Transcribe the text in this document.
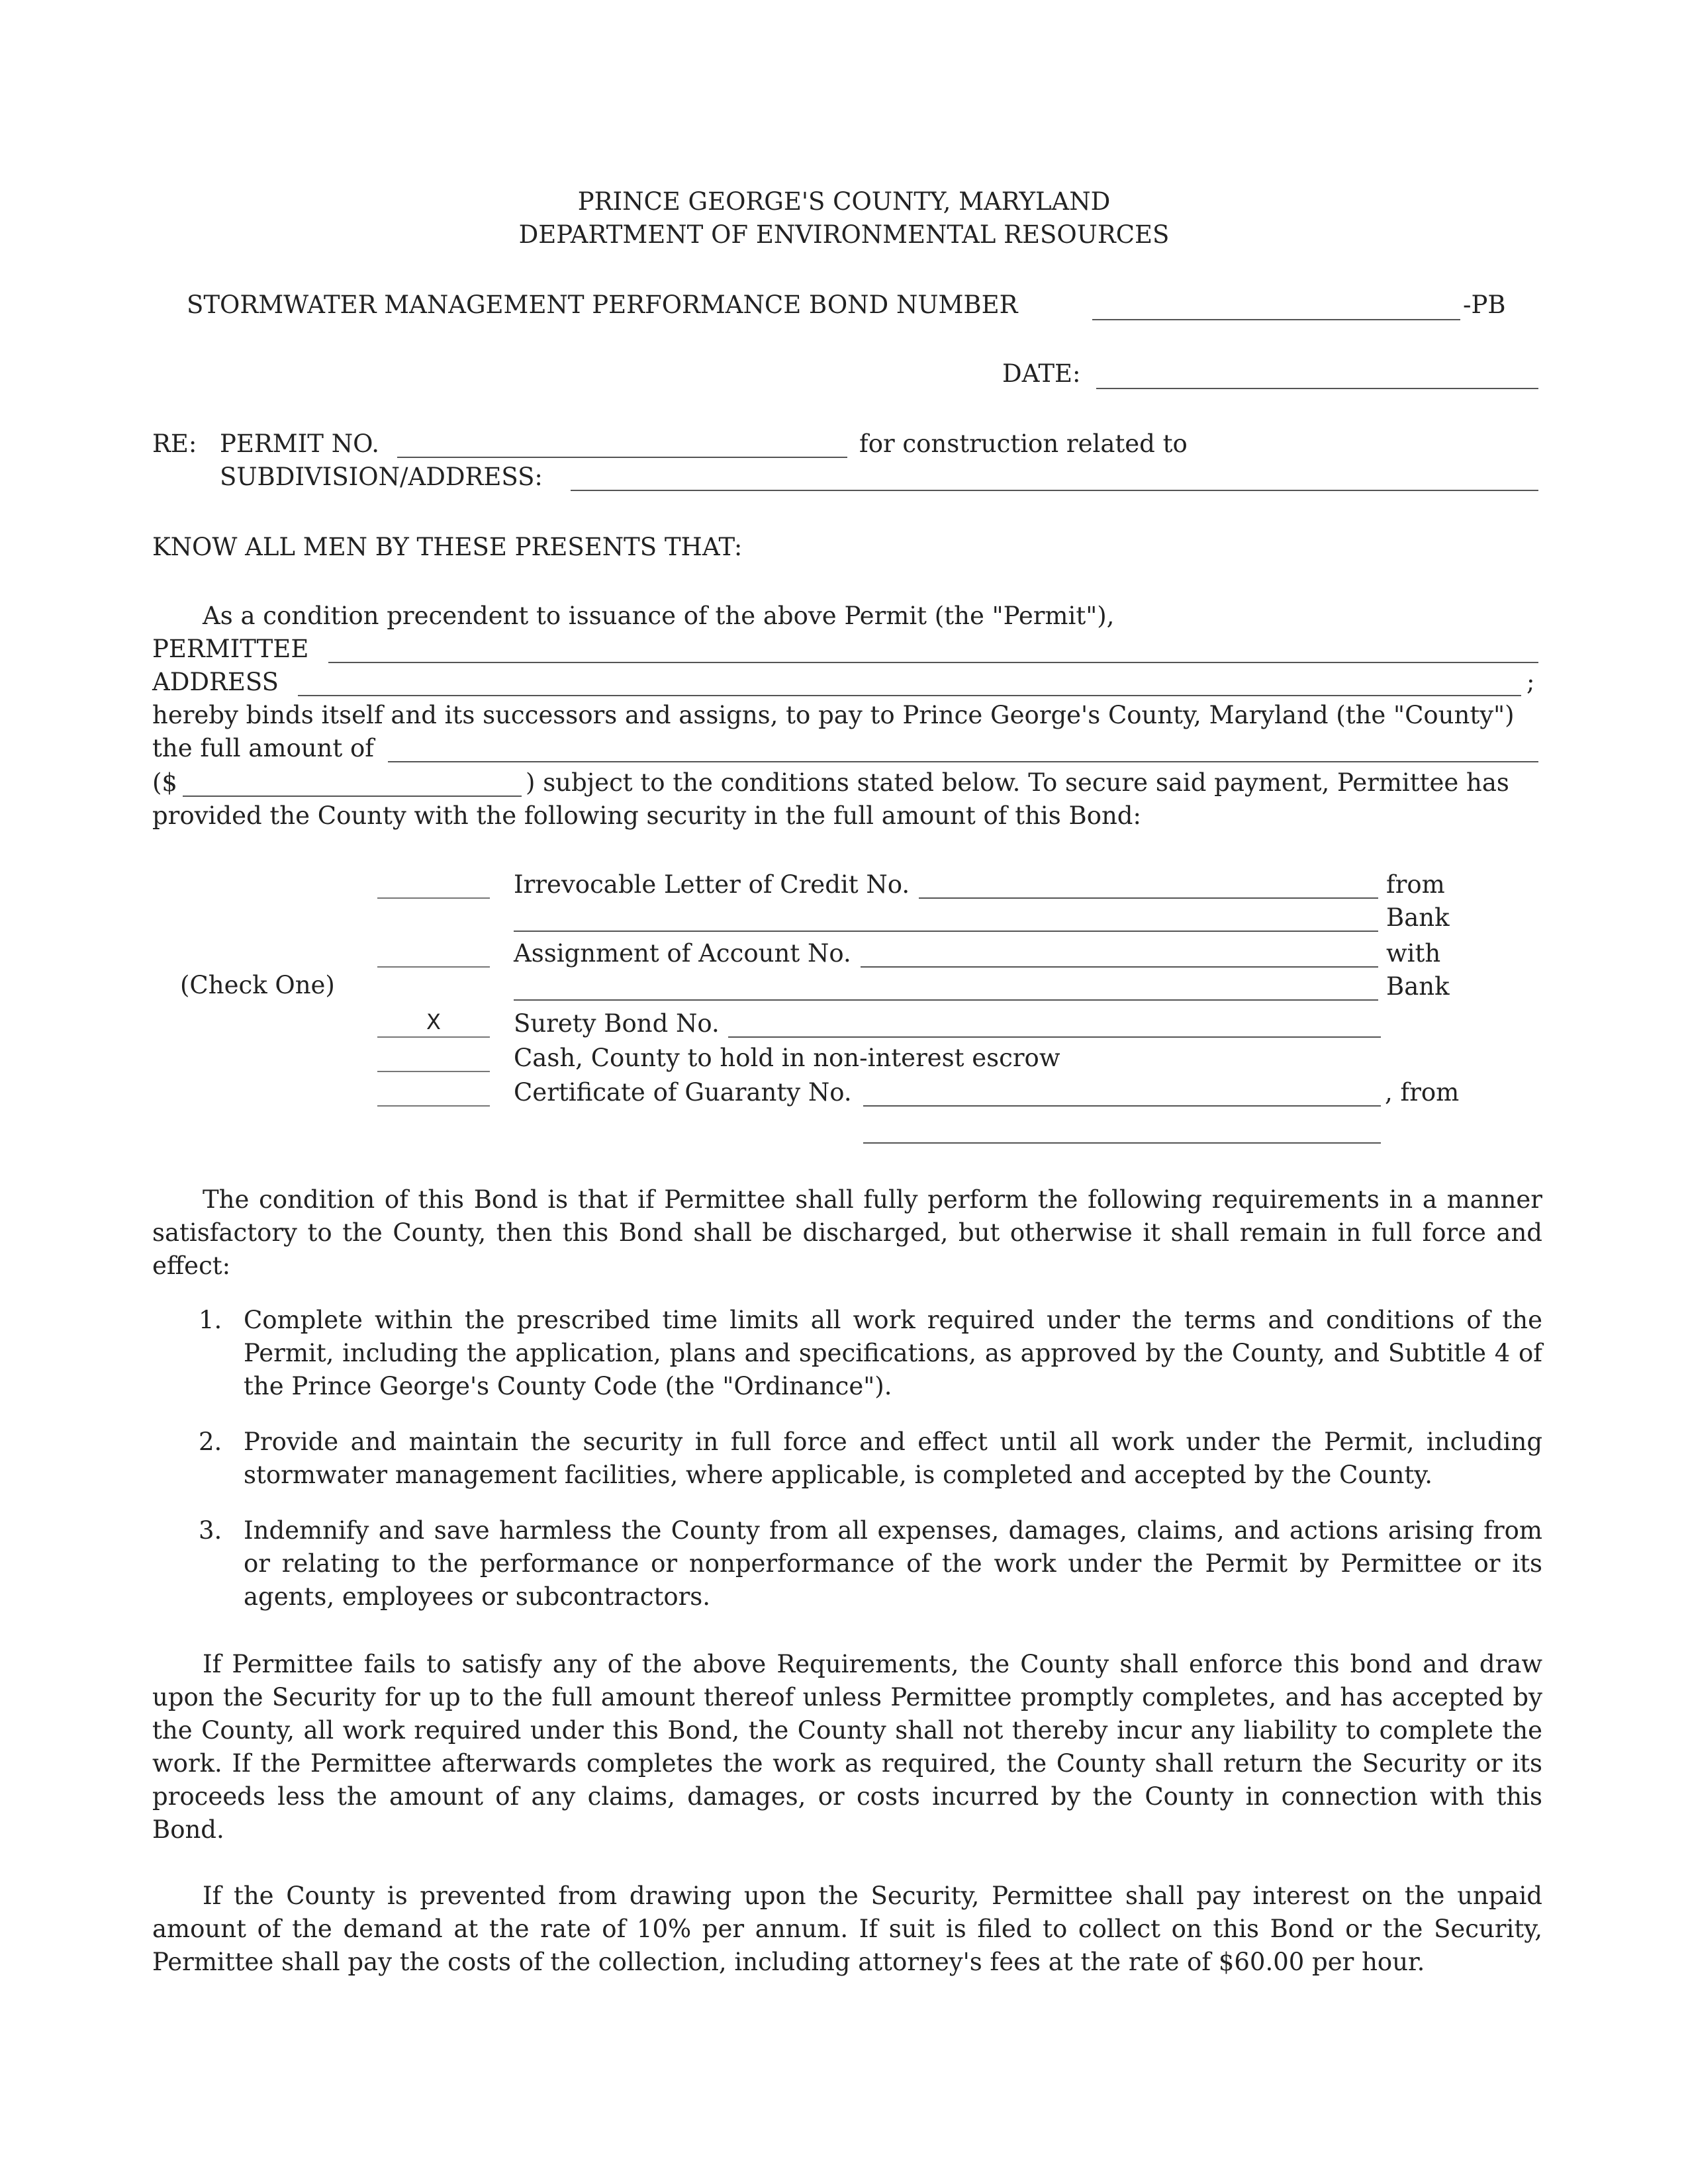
PRINCE GEORGE'S COUNTY, MARYLAND
DEPARTMENT OF ENVIRONMENTAL RESOURCES
STORMWATER MANAGEMENT PERFORMANCE BOND NUMBER	-PB
DATE:
RE: PERMIT NO.	for construction related to
SUBDIVISION/ADDRESS:
KNOW ALL MEN BY THESE PRESENTS THAT:
As a condition precendent to issuance of the above Permit (the "Permit"),
PERMITTEE
ADDRESS	;
hereby binds itself and its successors and assigns, to pay to Prince George's County, Maryland (the "County")
the full amount of
($	) subject to the conditions stated below. To secure said payment, Permittee has
provided the County with the following security in the full amount of this Bond:
(Check One)
Irrevocable Letter of Credit No.	from
Bank
Assignment of Account No.	with
Bank
X	Surety Bond No.
Cash, County to hold in non-interest escrow
Certificate of Guaranty No.	, from
The condition of this Bond is that if Permittee shall fully perform the following requirements in a manner satisfactory to the County, then this Bond shall be discharged, but otherwise it shall remain in full force and effect:
1. Complete within the prescribed time limits all work required under the terms and conditions of the Permit, including the application, plans and specifications, as approved by the County, and Subtitle 4 of the Prince George's County Code (the "Ordinance").
2. Provide and maintain the security in full force and effect until all work under the Permit, including stormwater management facilities, where applicable, is completed and accepted by the County.
3. Indemnify and save harmless the County from all expenses, damages, claims, and actions arising from or relating to the performance or nonperformance of the work under the Permit by Permittee or its agents, employees or subcontractors.
If Permittee fails to satisfy any of the above Requirements, the County shall enforce this bond and draw upon the Security for up to the full amount thereof unless Permittee promptly completes, and has accepted by the County, all work required under this Bond, the County shall not thereby incur any liability to complete the work. If the Permittee afterwards completes the work as required, the County shall return the Security or its proceeds less the amount of any claims, damages, or costs incurred by the County in connection with this Bond.
If the County is prevented from drawing upon the Security, Permittee shall pay interest on the unpaid amount of the demand at the rate of 10% per annum. If suit is filed to collect on this Bond or the Security, Permittee shall pay the costs of the collection, including attorney's fees at the rate of $60.00 per hour.
